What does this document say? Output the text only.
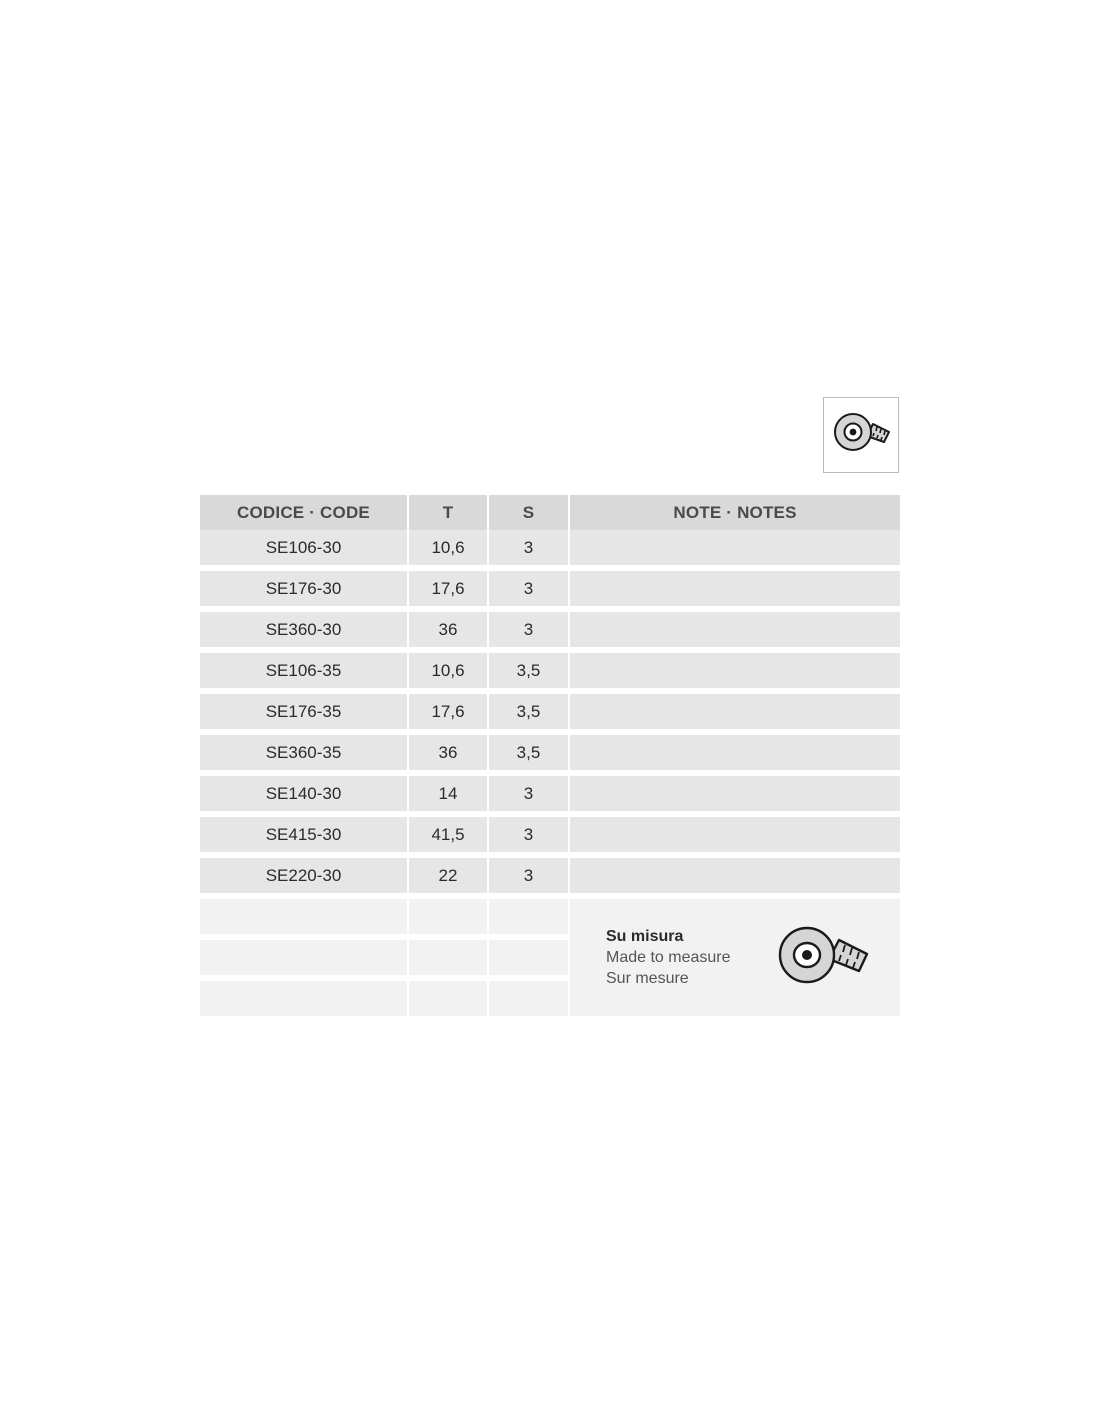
CODICE · CODE	T	S	NOTE · NOTES
SE106-30	10,6	3	
SE176-30	17,6	3	
SE360-30	36	3	
SE106-35	10,6	3,5	
SE176-35	17,6	3,5	
SE360-35	36	3,5	
SE140-30	14	3	
SE415-30	41,5	3	
SE220-30	22	3	

			Su misura
Made to measure
Sur mesure
